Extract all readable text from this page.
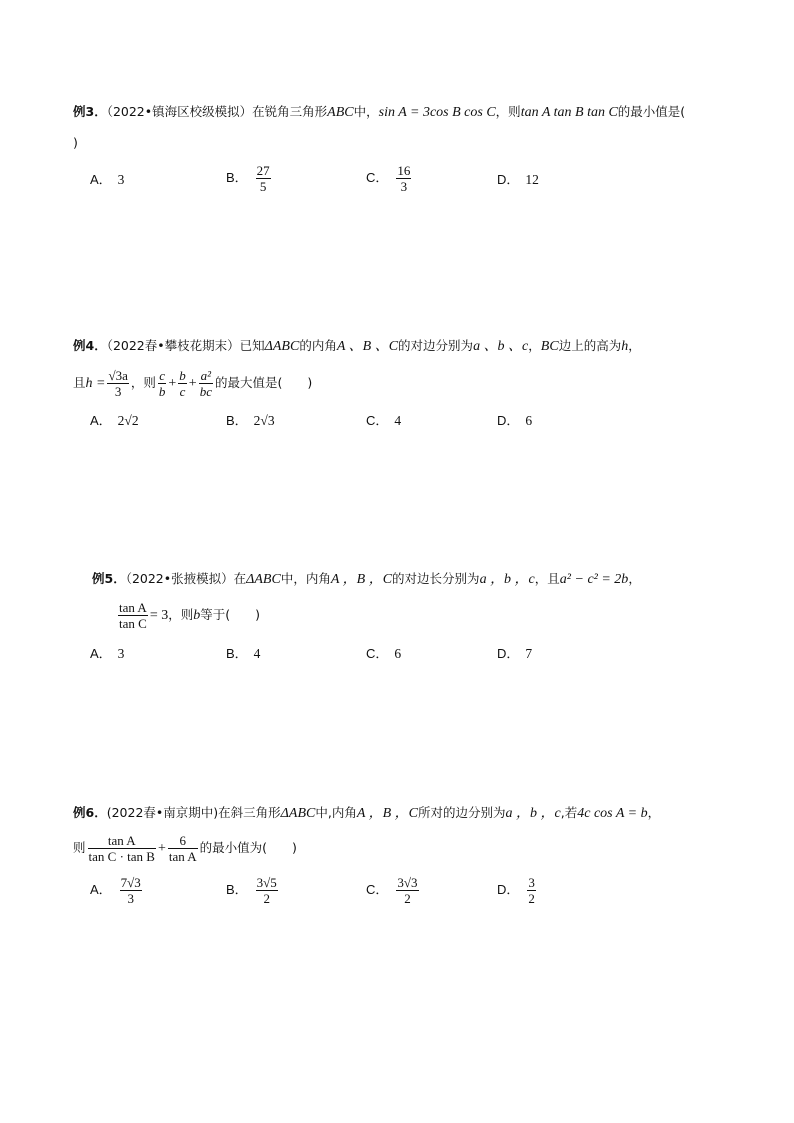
例3．（2022•镇海区校级模拟）在锐角三角形ABC中，sin A = 3cos B cos C，则tan A tan B tan C的最小值是(
)
A． 3	B． $\frac{27}{5}$	C． $\frac{16}{3}$	D． 12
例4．（2022春•攀枝花期末）已知ΔABC的内角A 、B 、C的对边分别为a 、b 、c，BC边上的高为h，
且$h = \frac{√3a}{3}$ ，则 $\frac{c}{b} + \frac{b}{c} + \frac{\text{a²}}{bc}$ 的最大值是(　　)
A． 2√2	B． 2√3	C． 4	D． 6
例5．（2022•张掖模拟）在ΔABC中，内角A ，B ，C的对边长分别为a ，b ，c，且a² − c² = 2b，
$\frac{\text{tan A}}{\text{tan C}} = 3$，则b等于(　　)
A． 3	B． 4	C． 6	D． 7
例6．(2022春•南京期中)在斜三角形ΔABC中,内角A ，B ，C所对的边分别为a ，b ，c,若4c cos A = b，
则 $\frac{\text{tan A}}{\text{tan C · tan B}} + \frac{6}{\text{tan A}}$ 的最小值为(　　)
A． $\frac{7√3}{3}$	B． $\frac{3√5}{2}$	C． $\frac{3√3}{2}$	D． $\frac{3}{2}$
